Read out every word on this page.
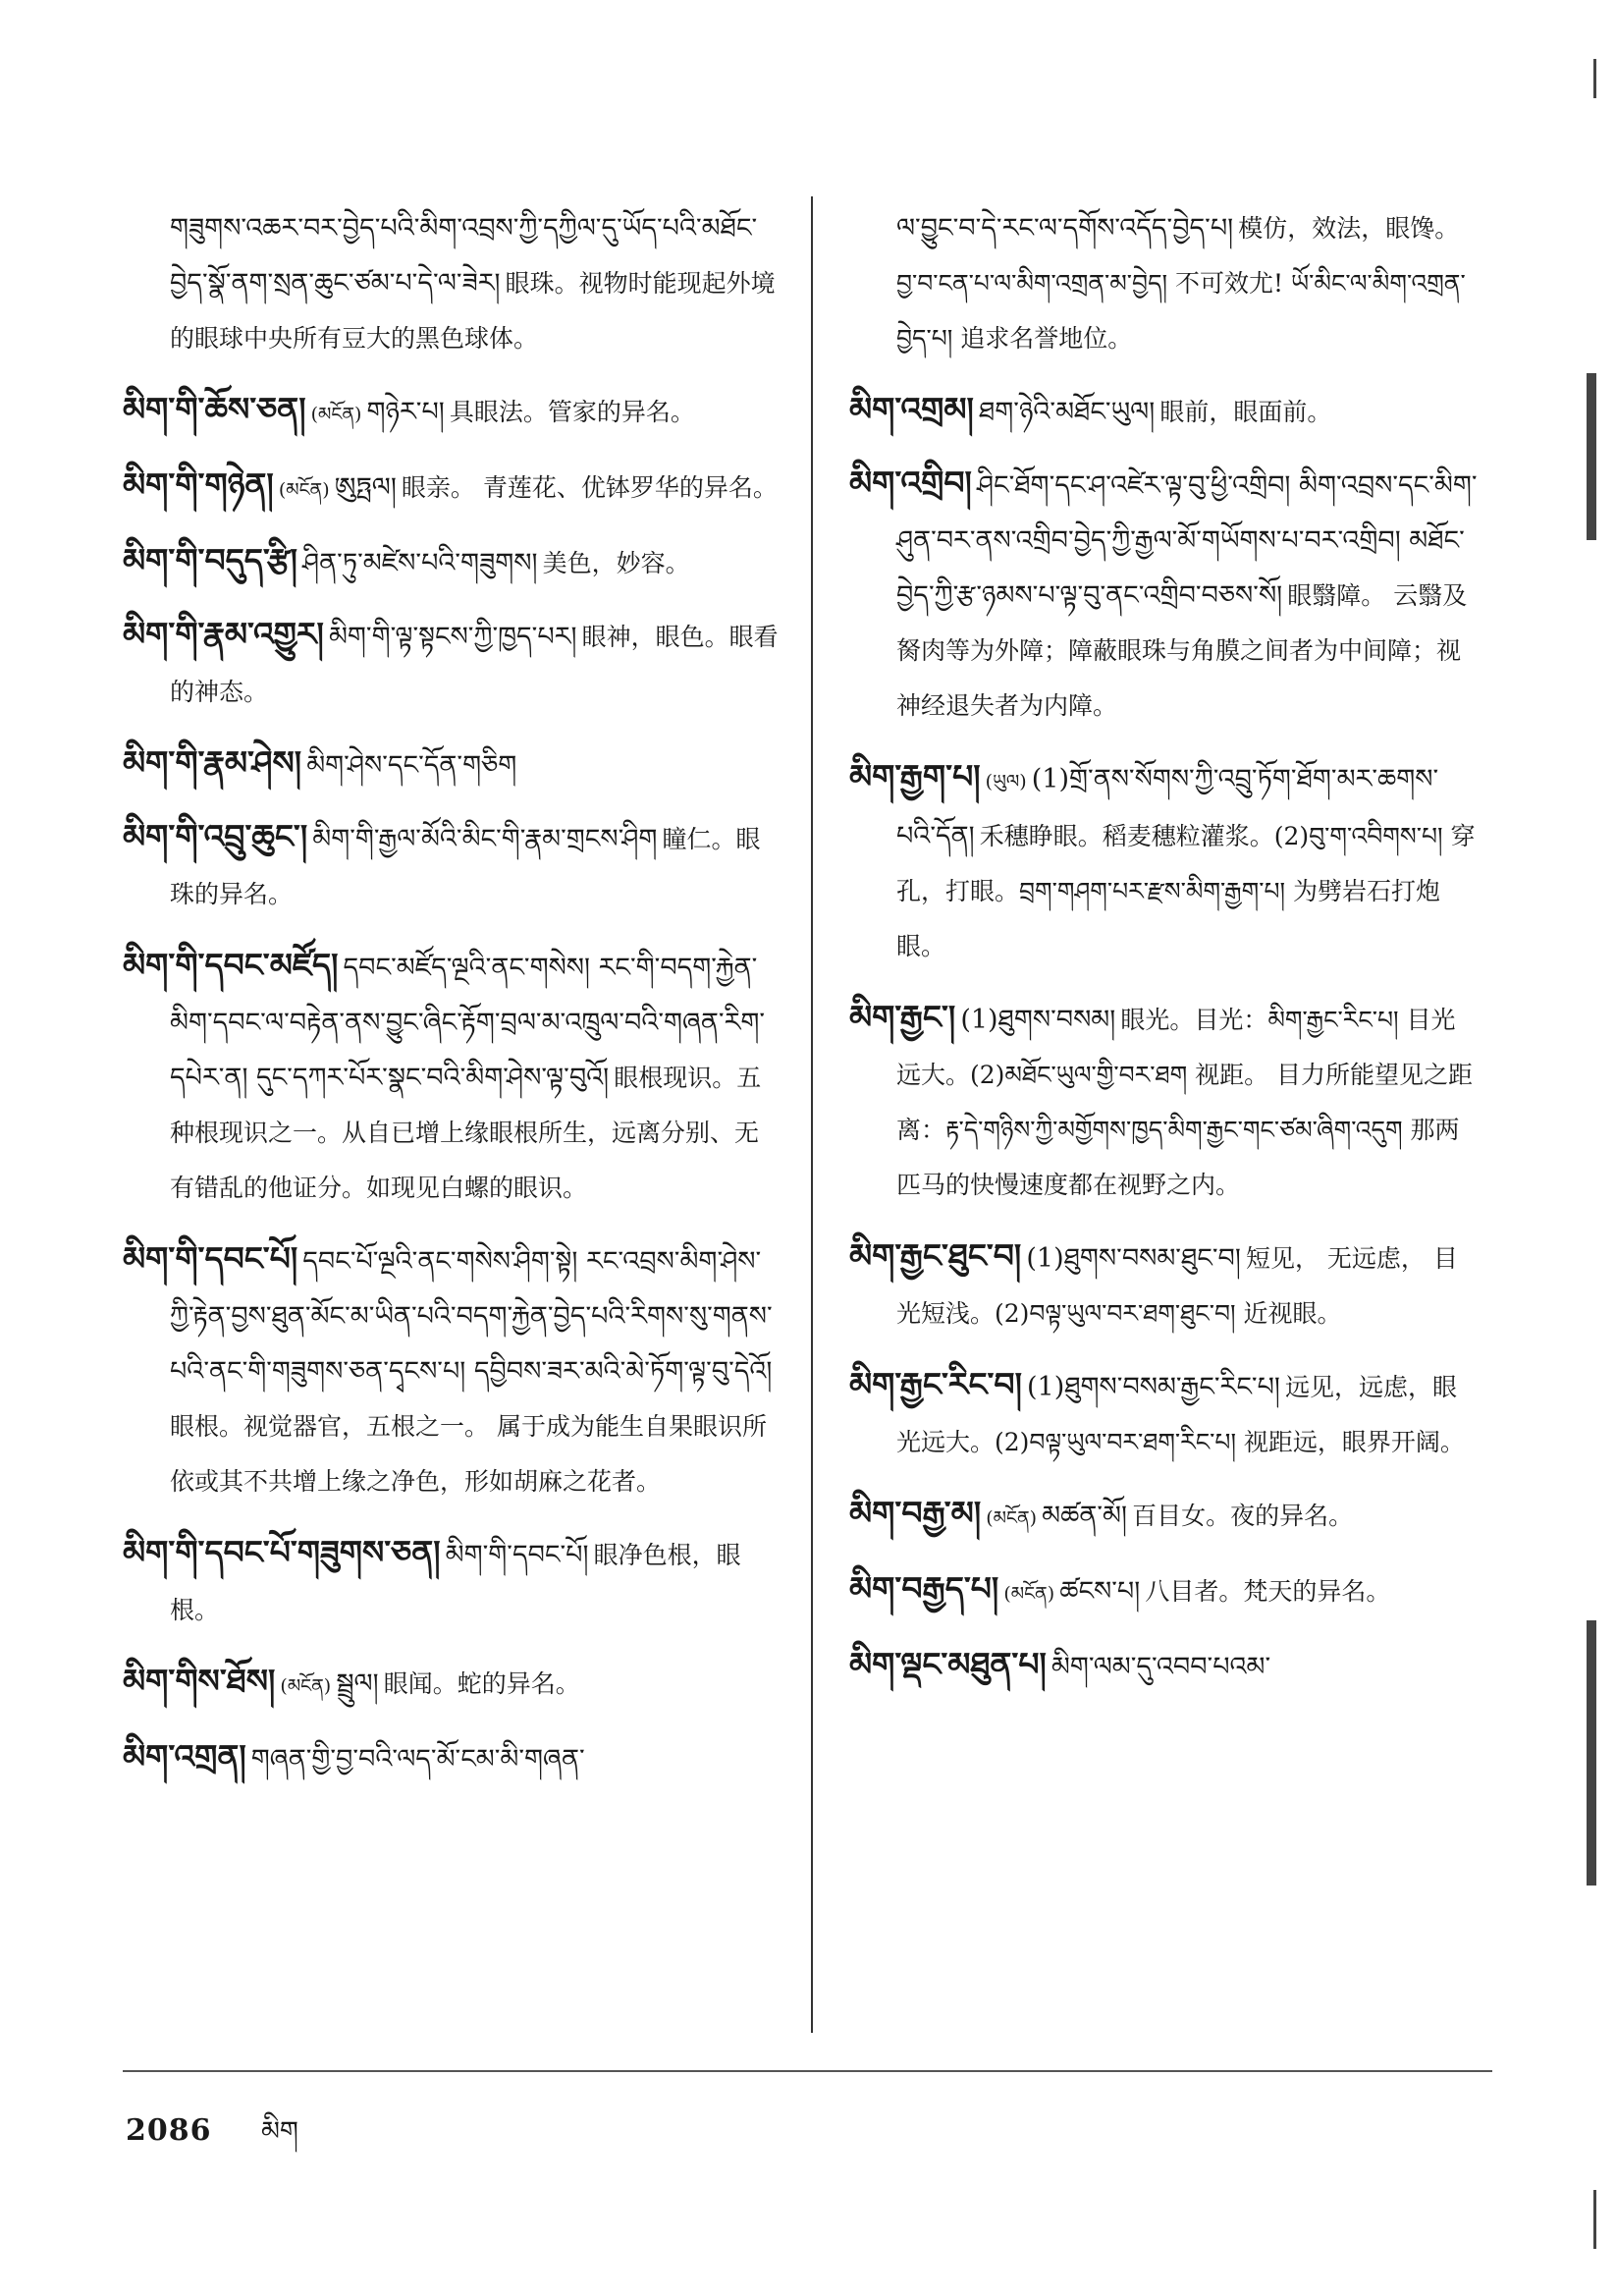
གཟུགས་འཆར་བར་བྱེད་པའི་མིག་འབྲས་ཀྱི་དཀྱིལ་དུ་ཡོད་པའི་མཐོང་བྱེད་སྣོ་ནག་སྲན་ཆུང་ཙམ་པ་དེ་ལ་ཟེར། 眼珠。视物时能现起外境的眼球中央所有豆大的黑色球体。
མིག་གི་ཆོས་ཅན། (མངོན) གཉེར་པ། 具眼法。管家的异名。
མིག་གི་གཉེན། (མངོན) ཨུཏྤལ། 眼亲。 青莲花、优钵罗华的异名。
མིག་གི་བདུད་རྩི། ཤིན་ཏུ་མཛེས་པའི་གཟུགས། 美色，妙容。
མིག་གི་རྣམ་འགྱུར། མིག་གི་ལྟ་སྟངས་ཀྱི་ཁྱད་པར། 眼神，眼色。眼看的神态。
མིག་གི་རྣམ་ཤེས། མིག་ཤེས་དང་དོན་གཅིག
མིག་གི་འབྲུ་ཆུང་། མིག་གི་རྒྱལ་མོའི་མིང་གི་རྣམ་གྲངས་ཤིག 瞳仁。眼珠的异名。
མིག་གི་དབང་མཛོད། དབང་མཛོད་ལྔའི་ནང་གསེས། རང་གི་བདག་རྐྱེན་མིག་དབང་ལ་བརྟེན་ནས་བྱུང་ཞིང་རྟོག་བྲལ་མ་འཁྲུལ་བའི་གཞན་རིག་དཔེར་ན། དུང་དཀར་པོར་སྣང་བའི་མིག་ཤེས་ལྟ་བུའོ། 眼根现识。五种根现识之一。从自已增上缘眼根所生，远离分别、无有错乱的他证分。如现见白螺的眼识。
མིག་གི་དབང་པོ། དབང་པོ་ལྔའི་ནང་གསེས་ཤིག་སྟེ། རང་འབྲས་མིག་ཤེས་ཀྱི་རྟེན་བྱས་ཐུན་མོང་མ་ཡིན་པའི་བདག་རྐྱེན་བྱེད་པའི་རིགས་སུ་གནས་པའི་ནང་གི་གཟུགས་ཅན་དྭངས་པ། དབྱིབས་ཟར་མའི་མེ་ཏོག་ལྟ་བུ་དེའོ། 眼根。视觉器官，五根之一。 属于成为能生自果眼识所依或其不共增上缘之净色，形如胡麻之花者。
མིག་གི་དབང་པོ་གཟུགས་ཅན། མིག་གི་དབང་པོ། 眼净色根，眼根。
མིག་གིས་ཐོས། (མངོན) སྦྲུལ། 眼闻。蛇的异名。
མིག་འགྲན། གཞན་གྱི་བྱ་བའི་ལད་མོ་ངམ་མི་གཞན་
ལ་བྱུང་བ་དེ་རང་ལ་དགོས་འདོད་བྱེད་པ། 模仿，效法，眼馋。བྱ་བ་ངན་པ་ལ་མིག་འགྲན་མ་བྱེད། 不可效尤! ཡོ་མིང་ལ་མིག་འགྲན་བྱེད་པ། 追求名誉地位。
མིག་འགྲམ། ཐག་ཉེའི་མཐོང་ཡུལ། 眼前，眼面前。
མིག་འགྲིབ། ཤིང་ཐོག་དང་ཤ་འཛེར་ལྟ་བུ་ཕྱི་འགྲིབ། མིག་འབྲས་དང་མིག་ཤུན་བར་ནས་འགྲིབ་བྱེད་ཀྱི་རྒྱལ་མོ་གཡོགས་པ་བར་འགྲིབ། མཐོང་བྱེད་ཀྱི་རྩ་ཉམས་པ་ལྟ་བུ་ནང་འགྲིབ་བཅས་སོ། 眼翳障。 云翳及胬肉等为外障；障蔽眼珠与角膜之间者为中间障；视神经退失者为内障。
མིག་རྒྱག་པ། (ཡུལ) (1)གྲོ་ནས་སོགས་ཀྱི་འབྲུ་ཏོག་ཐོག་མར་ཆགས་པའི་དོན། 禾穗睁眼。稻麦穗粒灌浆。(2)བུ་ག་འབིགས་པ། 穿孔，打眼。བྲག་གཤག་པར་རྫས་མིག་རྒྱག་པ། 为劈岩石打炮眼。
མིག་རྒྱང་། (1)ཐུགས་བསམ། 眼光。目光：མིག་རྒྱང་རིང་པ། 目光远大。(2)མཐོང་ཡུལ་གྱི་བར་ཐག 视距。 目力所能望见之距离：རྟ་དེ་གཉིས་ཀྱི་མགྱོགས་ཁྱད་མིག་རྒྱང་གང་ཙམ་ཞིག་འདུག 那两匹马的快慢速度都在视野之内。
མིག་རྒྱང་ཐུང་བ། (1)ཐུགས་བསམ་ཐུང་བ། 短见， 无远虑， 目光短浅。(2)བལྟ་ཡུལ་བར་ཐག་ཐུང་བ། 近视眼。
མིག་རྒྱང་རིང་བ། (1)ཐུགས་བསམ་རྒྱང་རིང་པ། 远见，远虑，眼光远大。(2)བལྟ་ཡུལ་བར་ཐག་རིང་པ། 视距远，眼界开阔。
མིག་བརྒྱ་མ། (མངོན) མཚན་མོ། 百目女。夜的异名。
མིག་བརྒྱད་པ། (མངོན) ཚངས་པ། 八目者。梵天的异名。
མིག་ལྡང་མཐུན་པ། མིག་ལམ་དུ་འབབ་པའམ་
2086 མིག
